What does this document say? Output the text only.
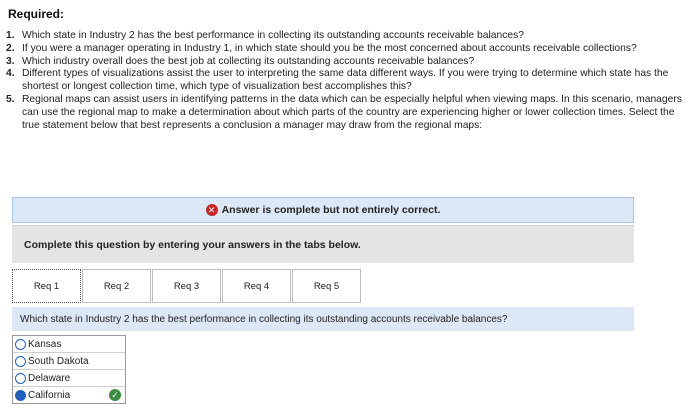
Required:
1. Which state in Industry 2 has the best performance in collecting its outstanding accounts receivable balances?
2. If you were a manager operating in Industry 1, in which state should you be the most concerned about accounts receivable collections?
3. Which industry overall does the best job at collecting its outstanding accounts receivable balances?
4. Different types of visualizations assist the user to interpreting the same data different ways. If you were trying to determine which state has the shortest or longest collection time, which type of visualization best accomplishes this?
5. Regional maps can assist users in identifying patterns in the data which can be especially helpful when viewing maps. In this scenario, managers can use the regional map to make a determination about which parts of the country are experiencing higher or lower collection times. Select the true statement below that best represents a conclusion a manager may draw from the regional maps:
✕ Answer is complete but not entirely correct.
Complete this question by entering your answers in the tabs below.
Req 1	Req 2	Req 3	Req 4	Req 5
Which state in Industry 2 has the best performance in collecting its outstanding accounts receivable balances?
Kansas
South Dakota
Delaware
California	✓
